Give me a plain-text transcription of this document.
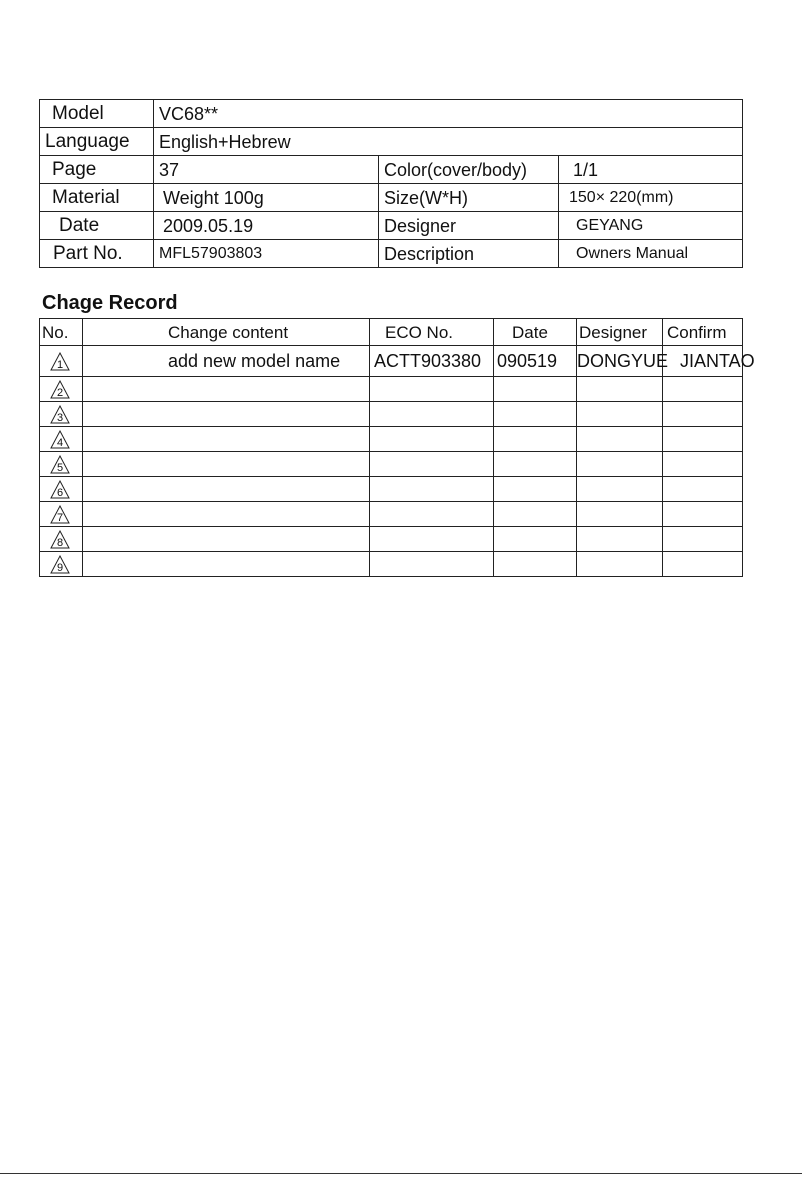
Model	VC68**		
Language	English+Hebrew		
Page	37	Color(cover/body)	1/1
Material	Weight 100g	Size(W*H)	150× 220(mm)
Date	2009.05.19	Designer	GEYANG
Part No.	MFL57903803	Description	Owners Manual
Chage Record
No.	Change content	ECO No.	Date	Designer	Confirm

1	add new model name	ACTT903380	090519	DONGYUE	JIANTAO

2					

3					

4					

5					

6					

7					

8					

9					
